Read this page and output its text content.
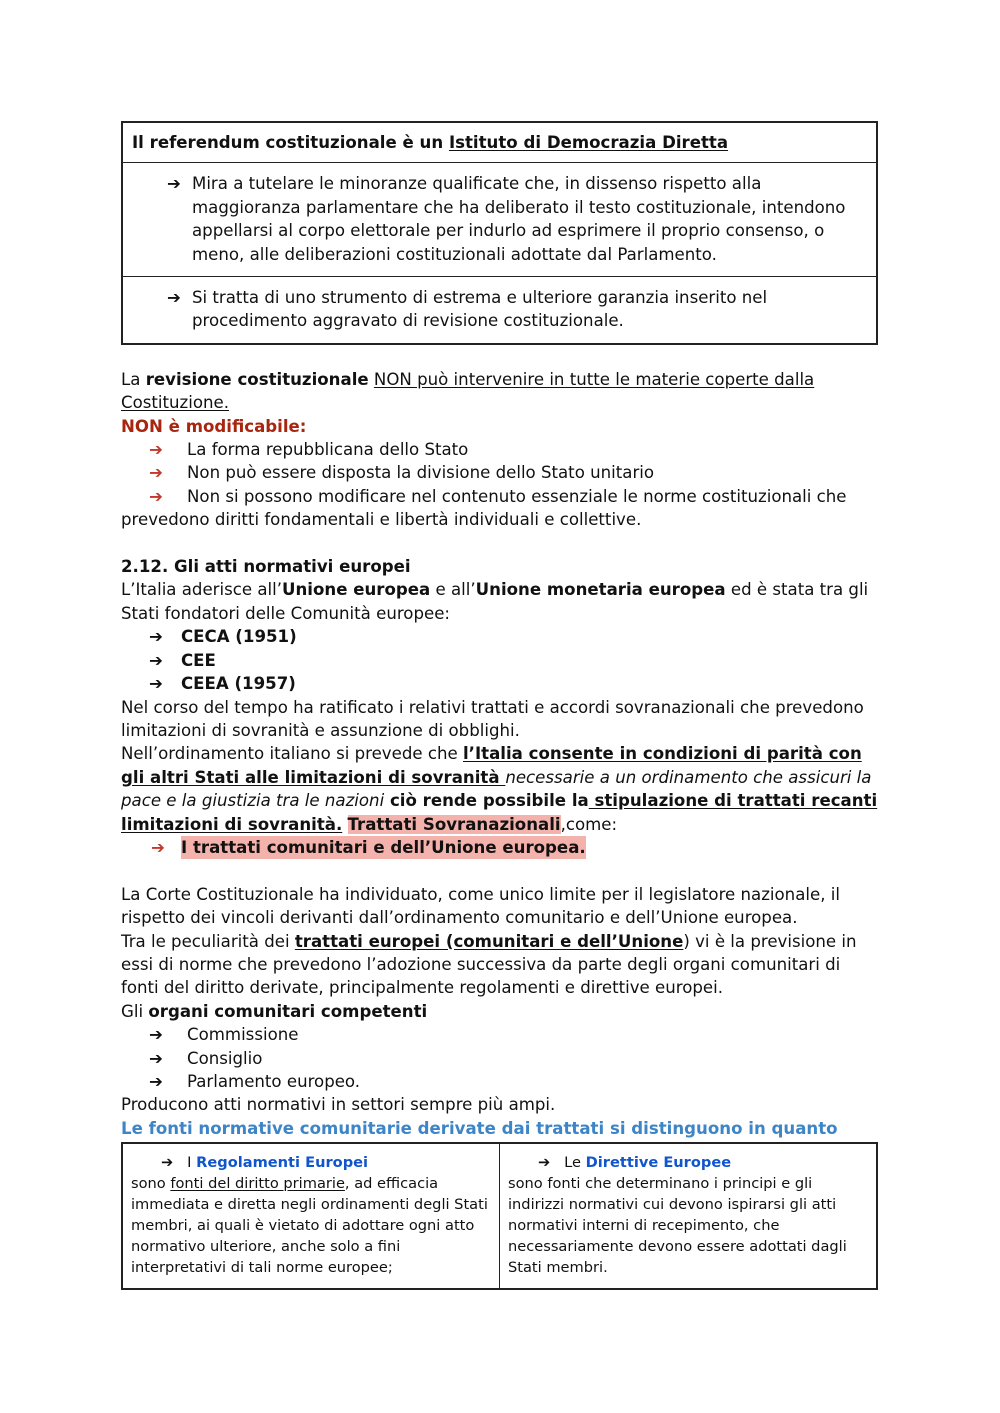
Il referendum costituzionale è un Istituto di Democrazia Diretta

➔ Mira a tutelare le minoranze qualificate che, in dissenso rispetto alla maggioranza parlamentare che ha deliberato il testo costituzionale, intendono appellarsi al corpo elettorale per indurlo ad esprimere il proprio consenso, o meno, alle deliberazioni costituzionali adottate dal Parlamento.

➔ Si tratta di uno strumento di estrema e ulteriore garanzia inserito nel procedimento aggravato di revisione costituzionale.

La revisione costituzionale NON può intervenire in tutte le materie coperte dalla Costituzione.

NON è modificabile:

➔ La forma repubblicana dello Stato
➔ Non può essere disposta la divisione dello Stato unitario
➔ Non si possono modificare nel contenuto essenziale le norme costituzionali che

prevedono diritti fondamentali e libertà individuali e collettive.

2.12. Gli atti normativi europei

L’Italia aderisce all’Unione europea e all’Unione monetaria europea ed è stata tra gli Stati fondatori delle Comunità europee:

➔ CECA (1951)
➔ CEE
➔ CEEA (1957)

Nel corso del tempo ha ratificato i relativi trattati e accordi sovranazionali che prevedono limitazioni di sovranità e assunzione di obblighi.

Nell’ordinamento italiano si prevede che l’Italia consente in condizioni di parità con gli altri Stati alle limitazioni di sovranità necessarie a un ordinamento che assicuri la pace e la giustizia tra le nazioni ciò rende possibile la stipulazione di trattati recanti limitazioni di sovranità. Trattati Sovranazionali,come:

➔ I trattati comunitari e dell’Unione europea.

La Corte Costituzionale ha individuato, come unico limite per il legislatore nazionale, il rispetto dei vincoli derivanti dall’ordinamento comunitario e dell’Unione europea.

Tra le peculiarità dei trattati europei (comunitari e dell’Unione) vi è la previsione in essi di norme che prevedono l’adozione successiva da parte degli organi comunitari di fonti del diritto derivate, principalmente regolamenti e direttive europei.

Gli organi comunitari competenti

➔ Commissione
➔ Consiglio
➔ Parlamento europeo.

Producono atti normativi in settori sempre più ampi.

Le fonti normative comunitarie derivate dai trattati si distinguono in quanto

➔ I Regolamenti Europei
sono fonti del diritto primarie, ad efficacia immediata e diretta negli ordinamenti degli Stati membri, ai quali è vietato di adottare ogni atto normativo ulteriore, anche solo a fini interpretativi di tali norme europee;

➔ Le Direttive Europee
sono fonti che determinano i principi e gli indirizzi normativi cui devono ispirarsi gli atti normativi interni di recepimento, che necessariamente devono essere adottati dagli Stati membri.
